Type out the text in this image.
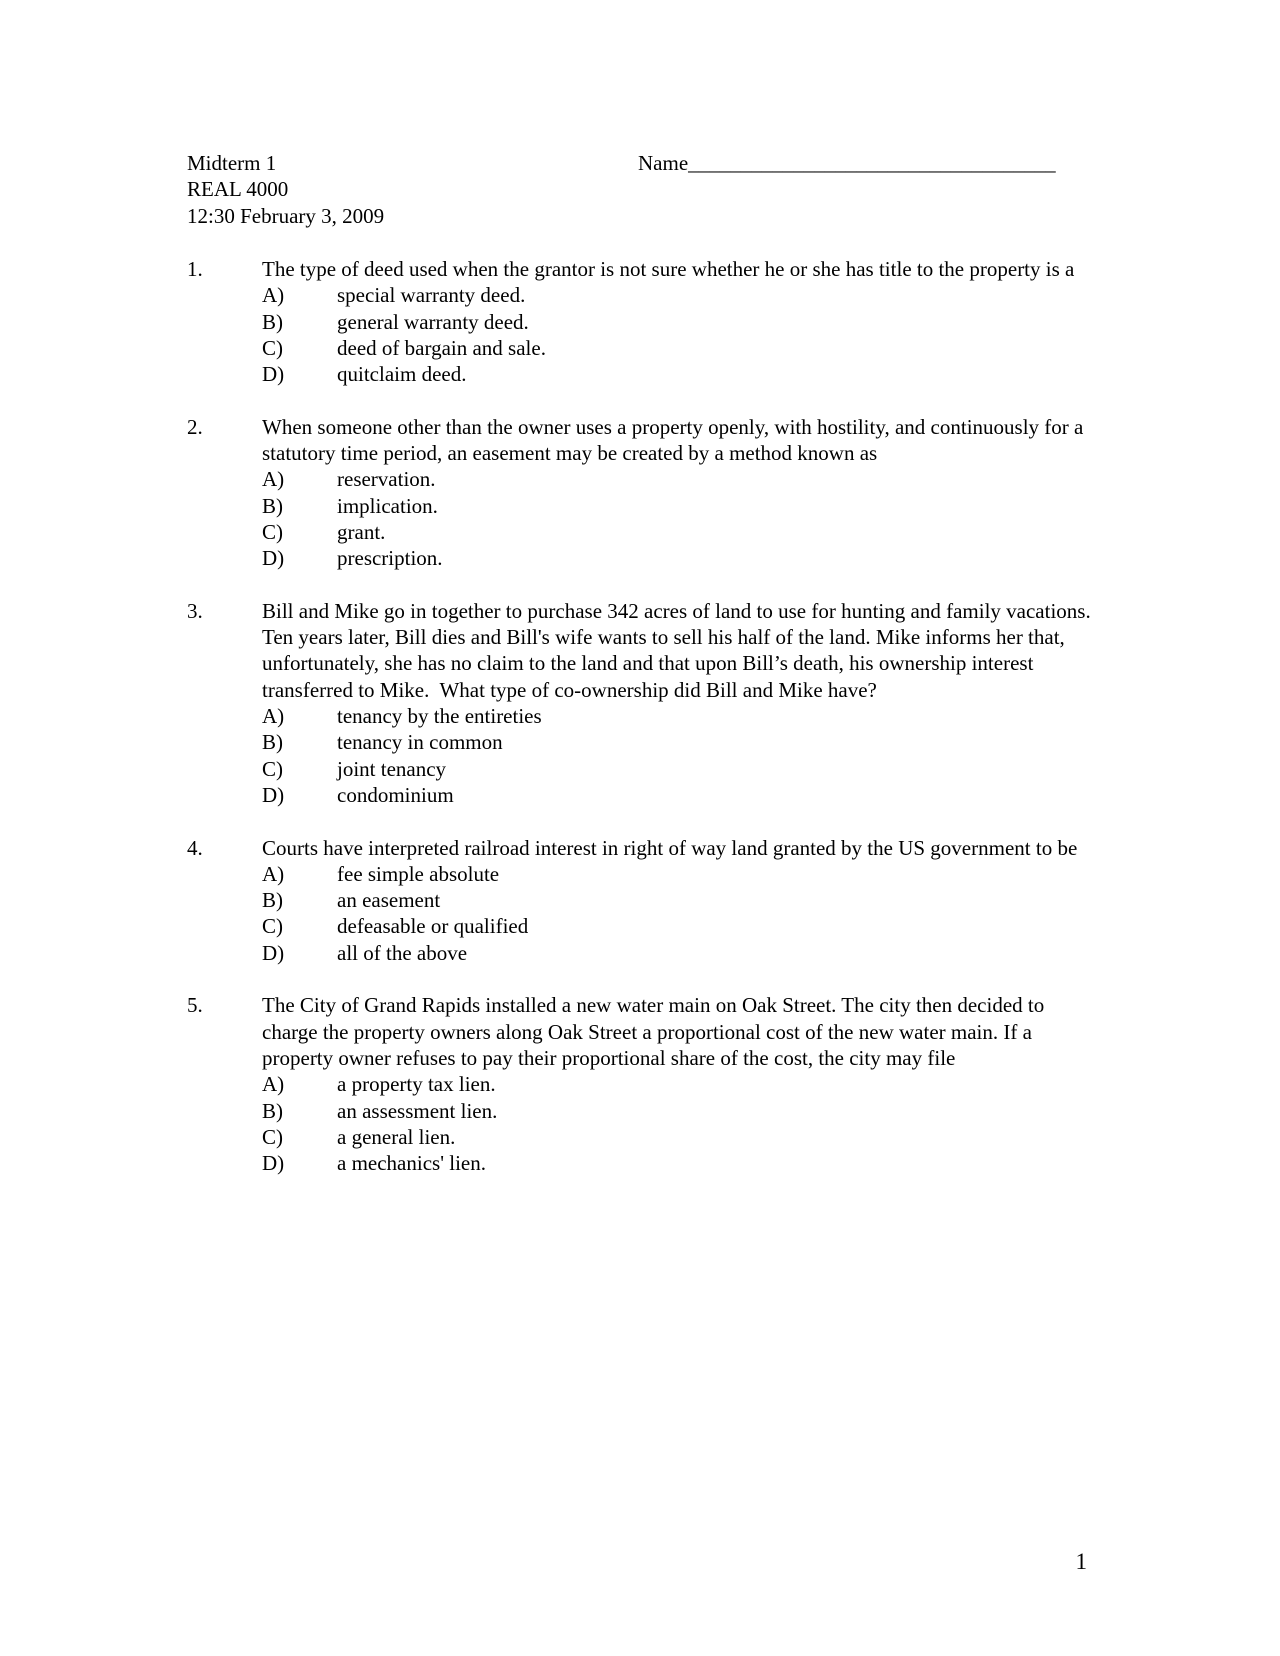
Midterm 1
REAL 4000
12:30 February 3, 2009
Name___________________________________
1.	The type of deed used when the grantor is not sure whether he or she has title to the property is a
A)	special warranty deed.
B)	general warranty deed.
C)	deed of bargain and sale.
D)	quitclaim deed.
2.	When someone other than the owner uses a property openly, with hostility, and continuously for a statutory time period, an easement may be created by a method known as
A)	reservation.
B)	implication.
C)	grant.
D)	prescription.
3.	Bill and Mike go in together to purchase 342 acres of land to use for hunting and family vacations.  Ten years later, Bill dies and Bill's wife wants to sell his half of the land. Mike informs her that, unfortunately, she has no claim to the land and that upon Bill’s death, his ownership interest transferred to Mike.  What type of co-ownership did Bill and Mike have?
A)	tenancy by the entireties
B)	tenancy in common
C)	joint tenancy
D)	condominium
4.	Courts have interpreted railroad interest in right of way land granted by the US government to be
A)	fee simple absolute
B)	an easement
C)	defeasable or qualified
D)	all of the above
5.	The City of Grand Rapids installed a new water main on Oak Street. The city then decided to charge the property owners along Oak Street a proportional cost of the new water main. If a property owner refuses to pay their proportional share of the cost, the city may file
A)	a property tax lien.
B)	an assessment lien.
C)	a general lien.
D)	a mechanics' lien.
1
